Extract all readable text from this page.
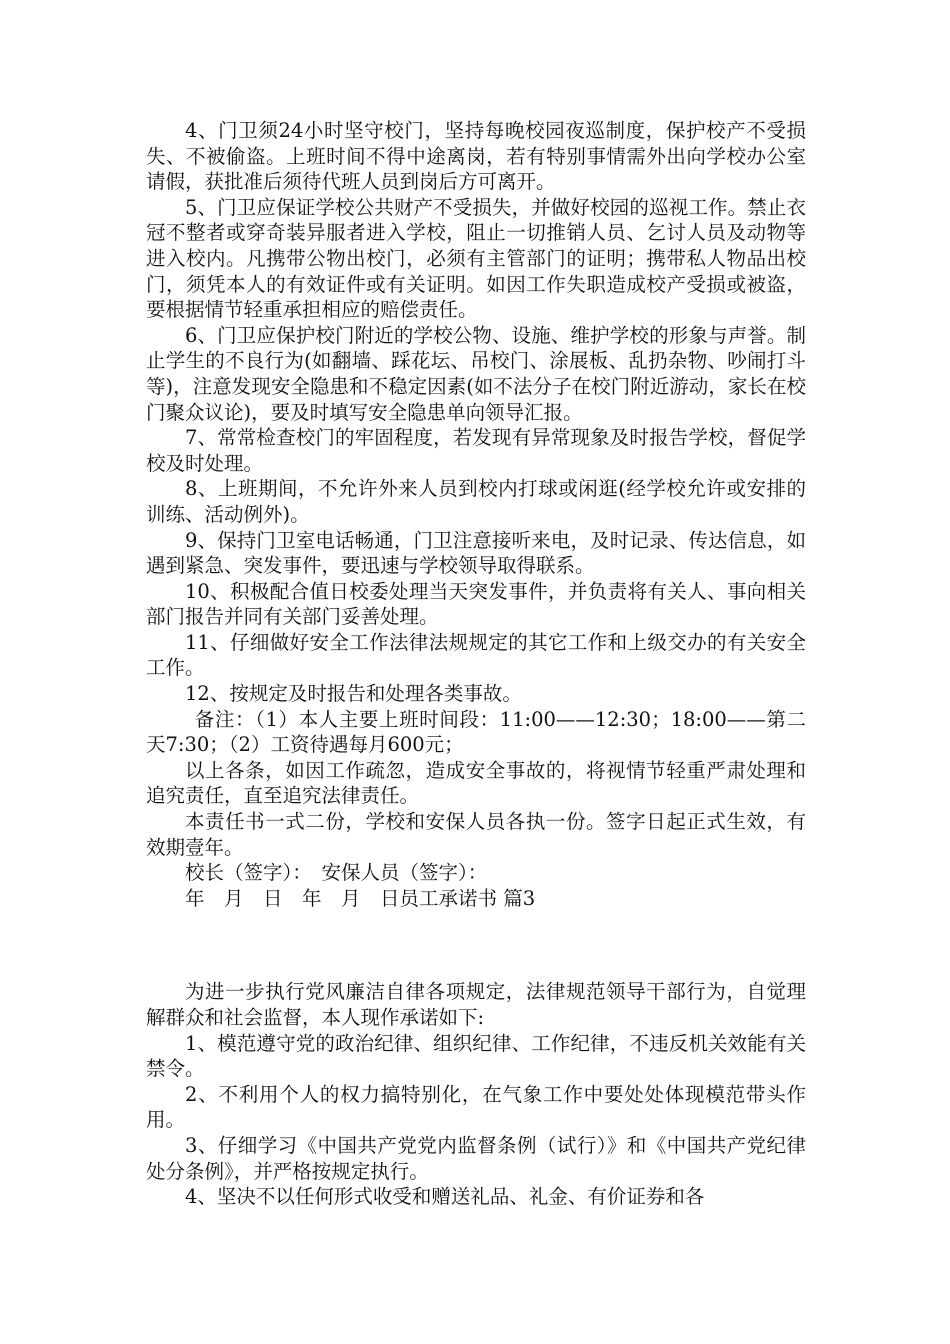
4、门卫须24小时坚守校门，坚持每晚校园夜巡制度，保护校产不受损失、不被偷盗。上班时间不得中途离岗，若有特别事情需外出向学校办公室请假，获批准后须待代班人员到岗后方可离开。

5、门卫应保证学校公共财产不受损失，并做好校园的巡视工作。禁止衣冠不整者或穿奇装异服者进入学校，阻止一切推销人员、乞讨人员及动物等进入校内。凡携带公物出校门，必须有主管部门的证明；携带私人物品出校门，须凭本人的有效证件或有关证明。如因工作失职造成校产受损或被盗，要根据情节轻重承担相应的赔偿责任。

6、门卫应保护校门附近的学校公物、设施、维护学校的形象与声誉。制止学生的不良行为(如翻墙、踩花坛、吊校门、涂展板、乱扔杂物、吵闹打斗等)，注意发现安全隐患和不稳定因素(如不法分子在校门附近游动，家长在校门聚众议论)，要及时填写安全隐患单向领导汇报。

7、常常检查校门的牢固程度，若发现有异常现象及时报告学校，督促学校及时处理。

8、上班期间，不允许外来人员到校内打球或闲逛(经学校允许或安排的训练、活动例外)。

9、保持门卫室电话畅通，门卫注意接听来电，及时记录、传达信息，如遇到紧急、突发事件，要迅速与学校领导取得联系。

10、积极配合值日校委处理当天突发事件，并负责将有关人、事向相关部门报告并同有关部门妥善处理。

11、仔细做好安全工作法律法规规定的其它工作和上级交办的有关安全工作。

12、按规定及时报告和处理各类事故。

备注：（1）本人主要上班时间段：11:00——12:30；18:00——第二天7:30；（2）工资待遇每月600元；

以上各条，如因工作疏忽，造成安全事故的，将视情节轻重严肃处理和追究责任，直至追究法律责任。

本责任书一式二份，学校和安保人员各执一份。签字日起正式生效，有效期壹年。

校长（签字）：　安保人员（签字）：

年　月　日　年　月　日员工承诺书 篇3

为进一步执行党风廉洁自律各项规定，法律规范领导干部行为，自觉理解群众和社会监督，本人现作承诺如下:

1、模范遵守党的政治纪律、组织纪律、工作纪律，不违反机关效能有关禁令。

2、不利用个人的权力搞特别化，在气象工作中要处处体现模范带头作用。

3、仔细学习《中国共产党党内监督条例（试行）》和《中国共产党纪律处分条例》，并严格按规定执行。

4、坚决不以任何形式收受和赠送礼品、礼金、有价证券和各
